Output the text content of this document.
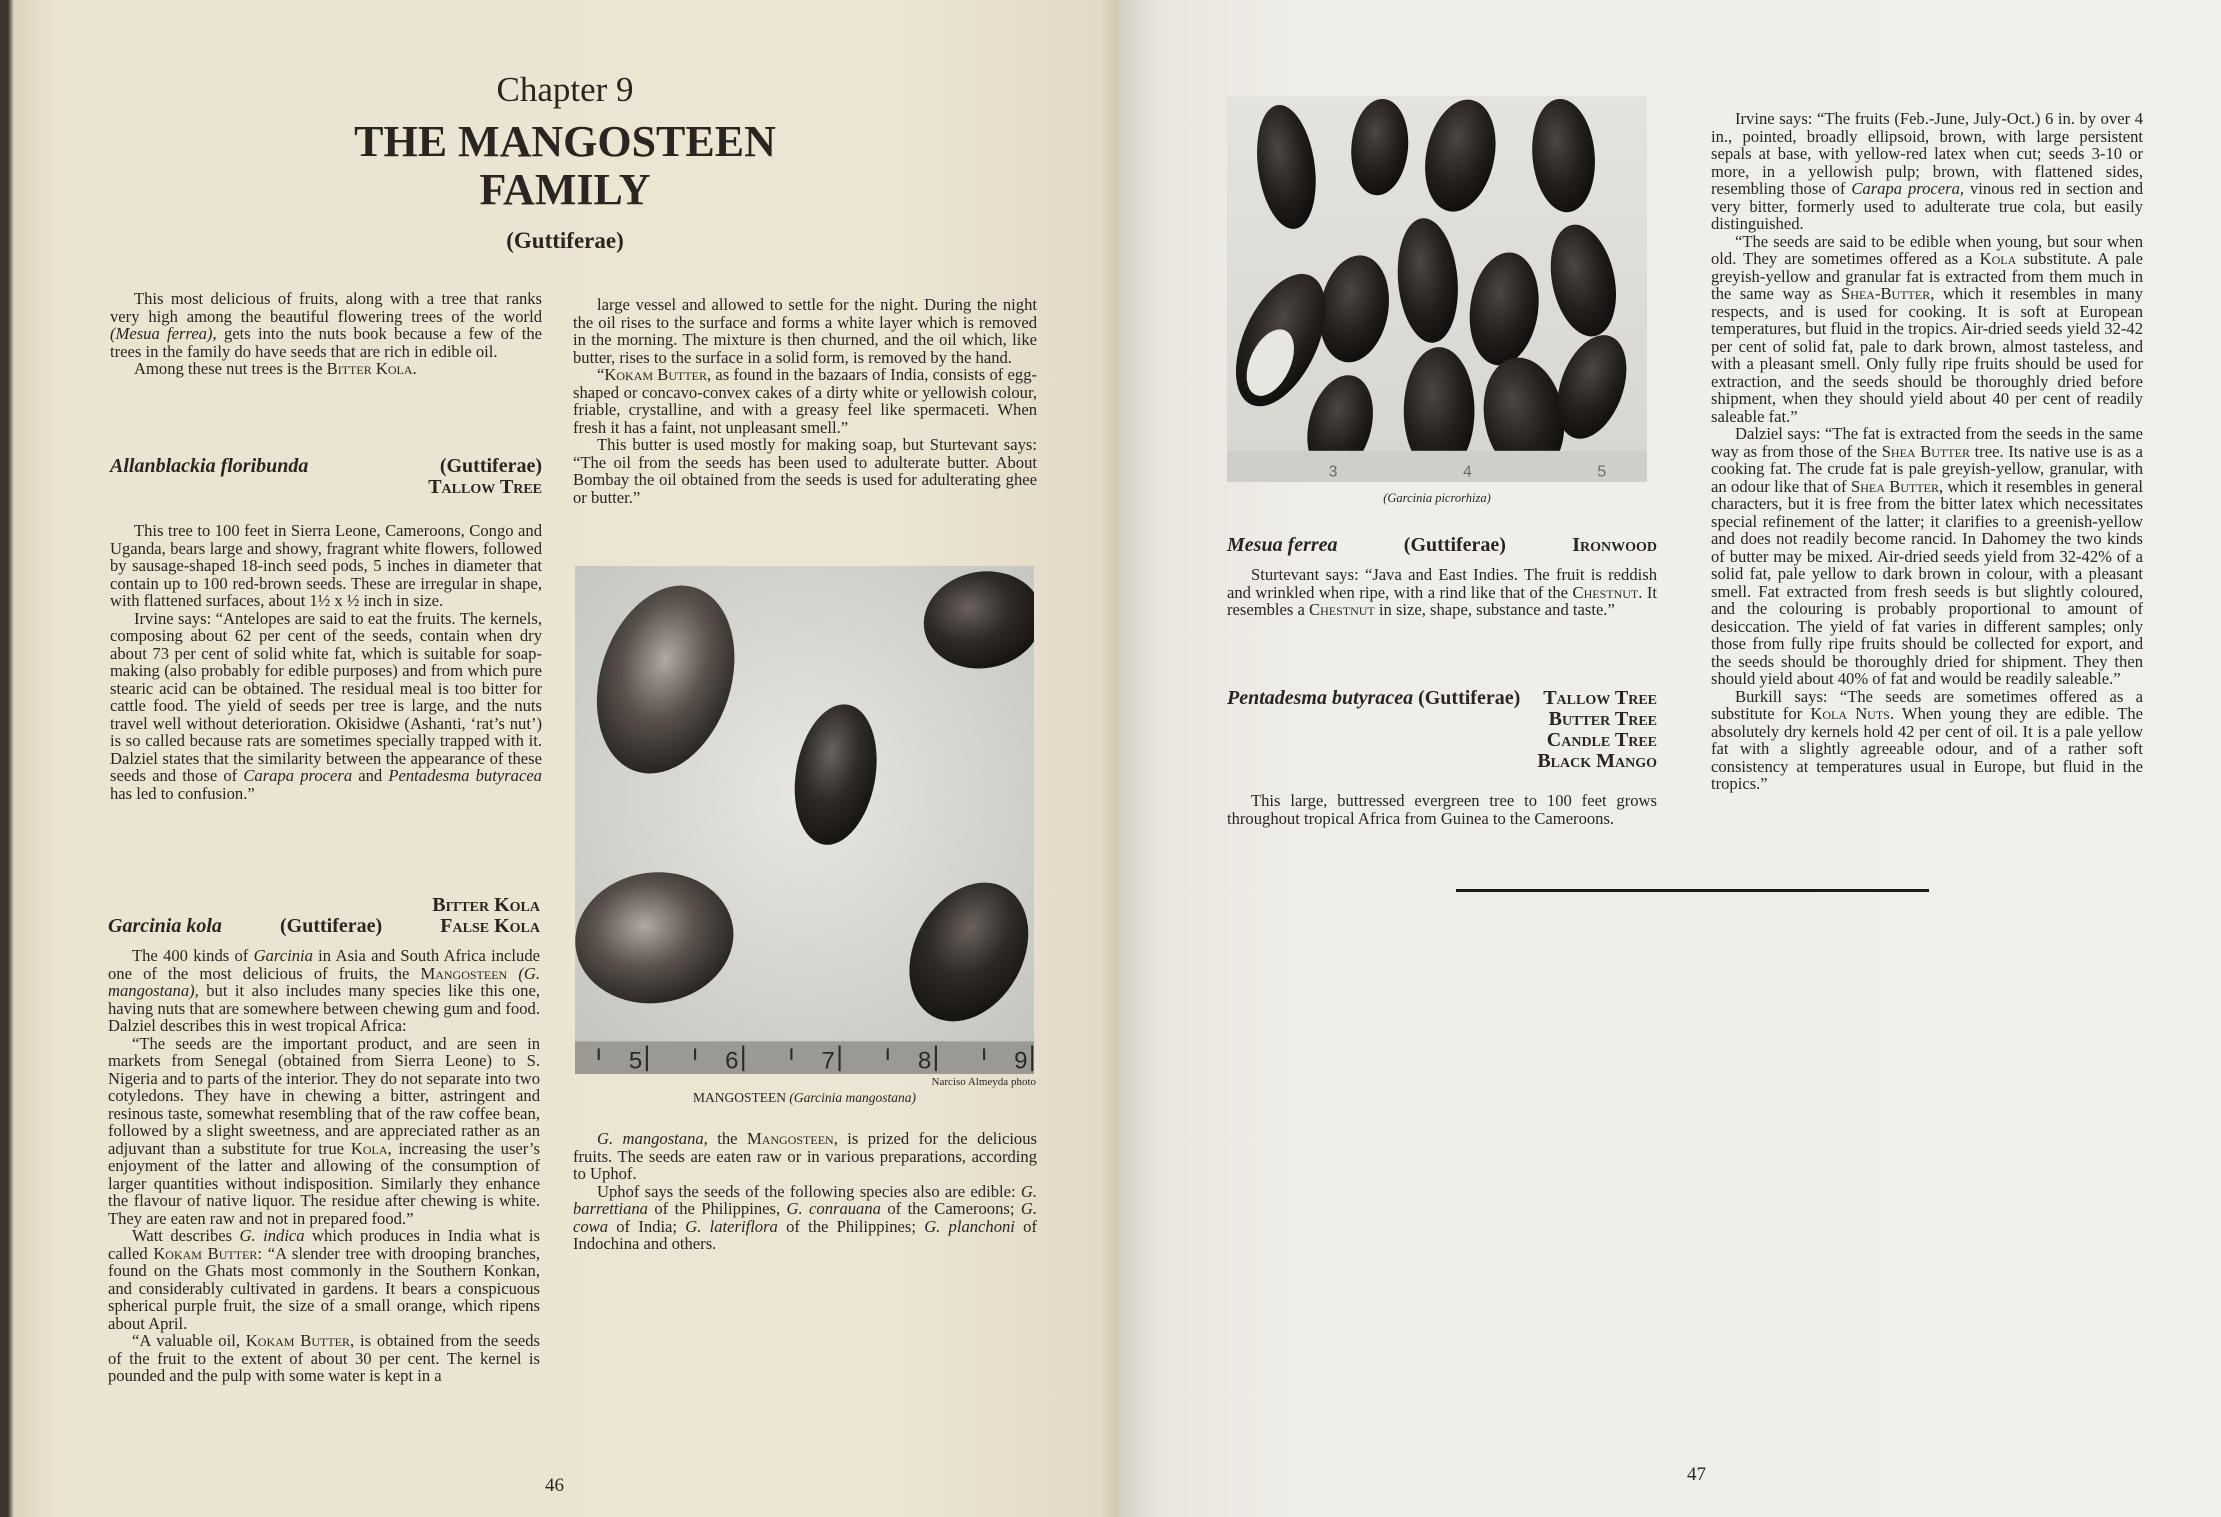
Chapter 9
THE MANGOSTEEN
FAMILY
(Guttiferae)

This most delicious of fruits, along with a tree that ranks very high among the beautiful flowering trees of the world (Mesua ferrea), gets into the nuts book because a few of the trees in the family do have seeds that are rich in edible oil.

Among these nut trees is the Bitter Kola.

Allanblackia floribunda	(Guttiferae)
Tallow Tree

This tree to 100 feet in Sierra Leone, Cameroons, Congo and Uganda, bears large and showy, fragrant white flowers, followed by sausage-shaped 18-inch seed pods, 5 inches in diameter that contain up to 100 red-brown seeds. These are irregular in shape, with flattened surfaces, about 1½ x ½ inch in size.

Irvine says: “Antelopes are said to eat the fruits. The kernels, composing about 62 per cent of the seeds, contain when dry about 73 per cent of solid white fat, which is suitable for soap-making (also probably for edible purposes) and from which pure stearic acid can be obtained. The residual meal is too bitter for cattle food. The yield of seeds per tree is large, and the nuts travel well without deterioration. Okisidwe (Ashanti, ‘rat’s nut’) is so called because rats are sometimes specially trapped with it. Dalziel states that the similarity between the appearance of these seeds and those of Carapa procera and Pentadesma butyracea has led to confusion.”

Bitter Kola
Garcinia kola	(Guttiferae)	False Kola

The 400 kinds of Garcinia in Asia and South Africa include one of the most delicious of fruits, the Mangosteen (G. mangostana), but it also includes many species like this one, having nuts that are somewhere between chewing gum and food. Dalziel describes this in west tropical Africa:

“The seeds are the important product, and are seen in markets from Senegal (obtained from Sierra Leone) to S. Nigeria and to parts of the interior. They do not separate into two cotyledons. They have in chewing a bitter, astringent and resinous taste, somewhat resembling that of the raw coffee bean, followed by a slight sweetness, and are appreciated rather as an adjuvant than a substitute for true Kola, increasing the user’s enjoyment of the latter and allowing of the consumption of larger quantities without indisposition. Similarly they enhance the flavour of native liquor. The residue after chewing is white. They are eaten raw and not in prepared food.”

Watt describes G. indica which produces in India what is called Kokam Butter: “A slender tree with drooping branches, found on the Ghats most commonly in the Southern Konkan, and considerably cultivated in gardens. It bears a conspicuous spherical purple fruit, the size of a small orange, which ripens about April.

“A valuable oil, Kokam Butter, is obtained from the seeds of the fruit to the extent of about 30 per cent. The kernel is pounded and the pulp with some water is kept in a

large vessel and allowed to settle for the night. During the night the oil rises to the surface and forms a white layer which is removed in the morning. The mixture is then churned, and the oil which, like butter, rises to the surface in a solid form, is removed by the hand.

“Kokam Butter, as found in the bazaars of India, consists of egg-shaped or concavo-convex cakes of a dirty white or yellowish colour, friable, crystalline, and with a greasy feel like spermaceti. When fresh it has a faint, not unpleasant smell.”

This butter is used mostly for making soap, but Sturtevant says: “The oil from the seeds has been used to adulterate butter. About Bombay the oil obtained from the seeds is used for adulterating ghee or butter.”

5	6	7	8	9
Narciso Almeyda photo
MANGOSTEEN (Garcinia mangostana)

G. mangostana, the Mangosteen, is prized for the delicious fruits. The seeds are eaten raw or in various preparations, according to Uphof.

Uphof says the seeds of the following species also are edible: G. barrettiana of the Philippines, G. conrauana of the Cameroons; G. cowa of India; G. lateriflora of the Philippines; G. planchoni of Indochina and others.

46
3	4	5
(Garcinia picrorhiza)
Mesua ferrea	(Guttiferae)	Ironwood

Sturtevant says: “Java and East Indies. The fruit is reddish and wrinkled when ripe, with a rind like that of the Chestnut. It resembles a Chestnut in size, shape, substance and taste.”

Pentadesma butyracea (Guttiferae) Tallow Tree
Butter Tree
Candle Tree
Black Mango

This large, buttressed evergreen tree to 100 feet grows throughout tropical Africa from Guinea to the Cameroons.

Irvine says: “The fruits (Feb.-June, July-Oct.) 6 in. by over 4 in., pointed, broadly ellipsoid, brown, with large persistent sepals at base, with yellow-red latex when cut; seeds 3-10 or more, in a yellowish pulp; brown, with flattened sides, resembling those of Carapa procera, vinous red in section and very bitter, formerly used to adulterate true cola, but easily distinguished.

“The seeds are said to be edible when young, but sour when old. They are sometimes offered as a Kola substitute. A pale greyish-yellow and granular fat is extracted from them much in the same way as Shea-Butter, which it resembles in many respects, and is used for cooking. It is soft at European temperatures, but fluid in the tropics. Air-dried seeds yield 32-42 per cent of solid fat, pale to dark brown, almost tasteless, and with a pleasant smell. Only fully ripe fruits should be used for extraction, and the seeds should be thoroughly dried before shipment, when they should yield about 40 per cent of readily saleable fat.”

Dalziel says: “The fat is extracted from the seeds in the same way as from those of the Shea Butter tree. Its native use is as a cooking fat. The crude fat is pale greyish-yellow, granular, with an odour like that of Shea Butter, which it resembles in general characters, but it is free from the bitter latex which necessitates special refinement of the latter; it clarifies to a greenish-yellow and does not readily become rancid. In Dahomey the two kinds of butter may be mixed. Air-dried seeds yield from 32-42% of a solid fat, pale yellow to dark brown in colour, with a pleasant smell. Fat extracted from fresh seeds is but slightly coloured, and the colouring is probably proportional to amount of desiccation. The yield of fat varies in different samples; only those from fully ripe fruits should be collected for export, and the seeds should be thoroughly dried for shipment. They then should yield about 40% of fat and would be readily saleable.”

Burkill says: “The seeds are sometimes offered as a substitute for Kola Nuts. When young they are edible. The absolutely dry kernels hold 42 per cent of oil. It is a pale yellow fat with a slightly agreeable odour, and of a rather soft consistency at temperatures usual in Europe, but fluid in the tropics.”

47
